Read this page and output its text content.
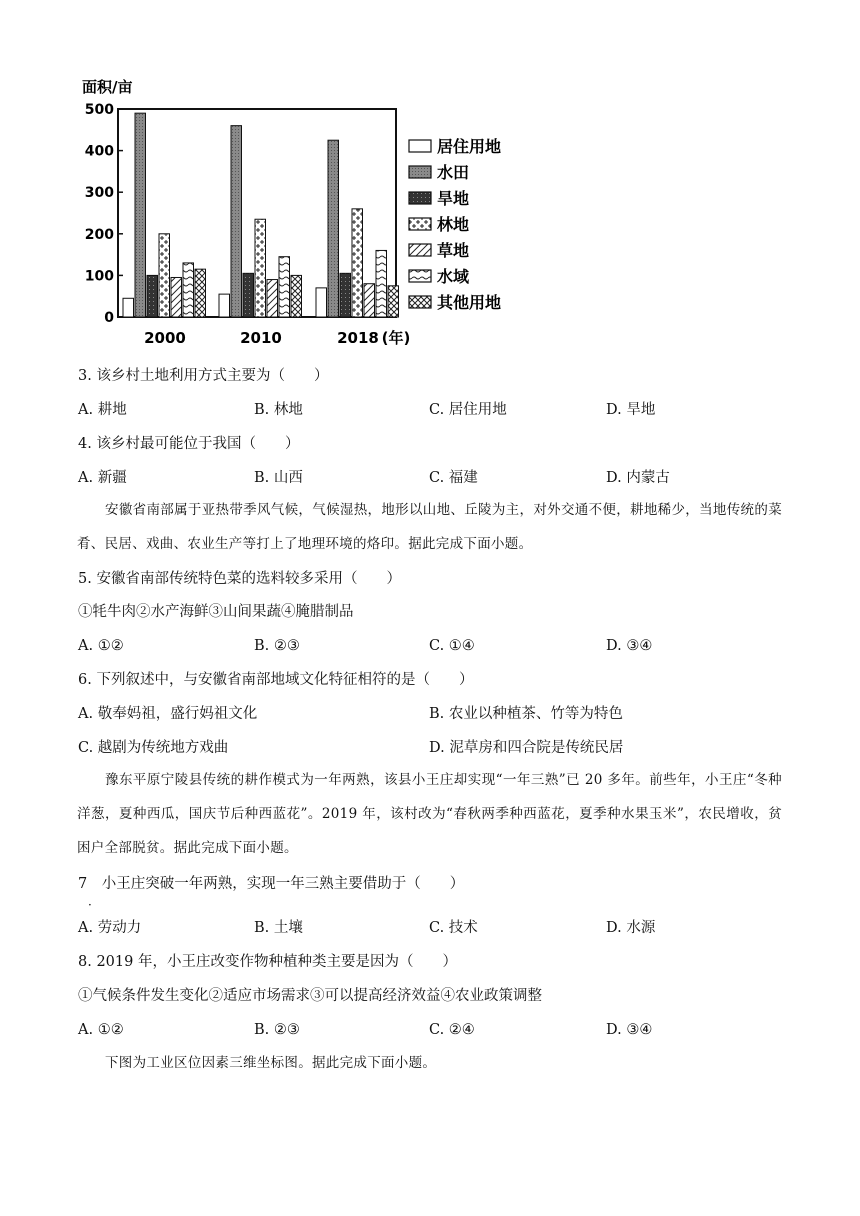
面积/亩
0
100
200
300
400
500
2000	2010	2018 (年)
居住用地
水田
旱地
林地
草地
水域
其他用地
3. 该乡村土地利用方式主要为（　　）
A. 耕地	B. 林地	C. 居住用地	D. 旱地
4. 该乡村最可能位于我国（　　）
A. 新疆	B. 山西	C. 福建	D. 内蒙古
安徽省南部属于亚热带季风气候，气候湿热，地形以山地、丘陵为主，对外交通不便，耕地稀少，当地传统的菜肴、民居、戏曲、农业生产等打上了地理环境的烙印。据此完成下面小题。
5. 安徽省南部传统特色菜的选料较多采用（　　）
①牦牛肉②水产海鲜③山间果蔬④腌腊制品
A. ①②	B. ②③	C. ①④	D. ③④
6. 下列叙述中，与安徽省南部地域文化特征相符的是（　　）
A. 敬奉妈祖，盛行妈祖文化	B. 农业以种植茶、竹等为特色
C. 越剧为传统地方戏曲	D. 泥草房和四合院是传统民居
豫东平原宁陵县传统的耕作模式为一年两熟，该县小王庄却实现“一年三熟”已 20 多年。前些年，小王庄“冬种洋葱，夏种西瓜，国庆节后种西蓝花”。2019 年，该村改为“春秋两季种西蓝花，夏季种水果玉米”，农民增收，贫困户全部脱贫。据此完成下面小题。
7　小王庄突破一年两熟，实现一年三熟主要借助于（　　）
·
A. 劳动力	B. 土壤	C. 技术	D. 水源
8. 2019 年，小王庄改变作物种植种类主要是因为（　　）
①气候条件发生变化②适应市场需求③可以提高经济效益④农业政策调整
A. ①②	B. ②③	C. ②④	D. ③④
下图为工业区位因素三维坐标图。据此完成下面小题。
